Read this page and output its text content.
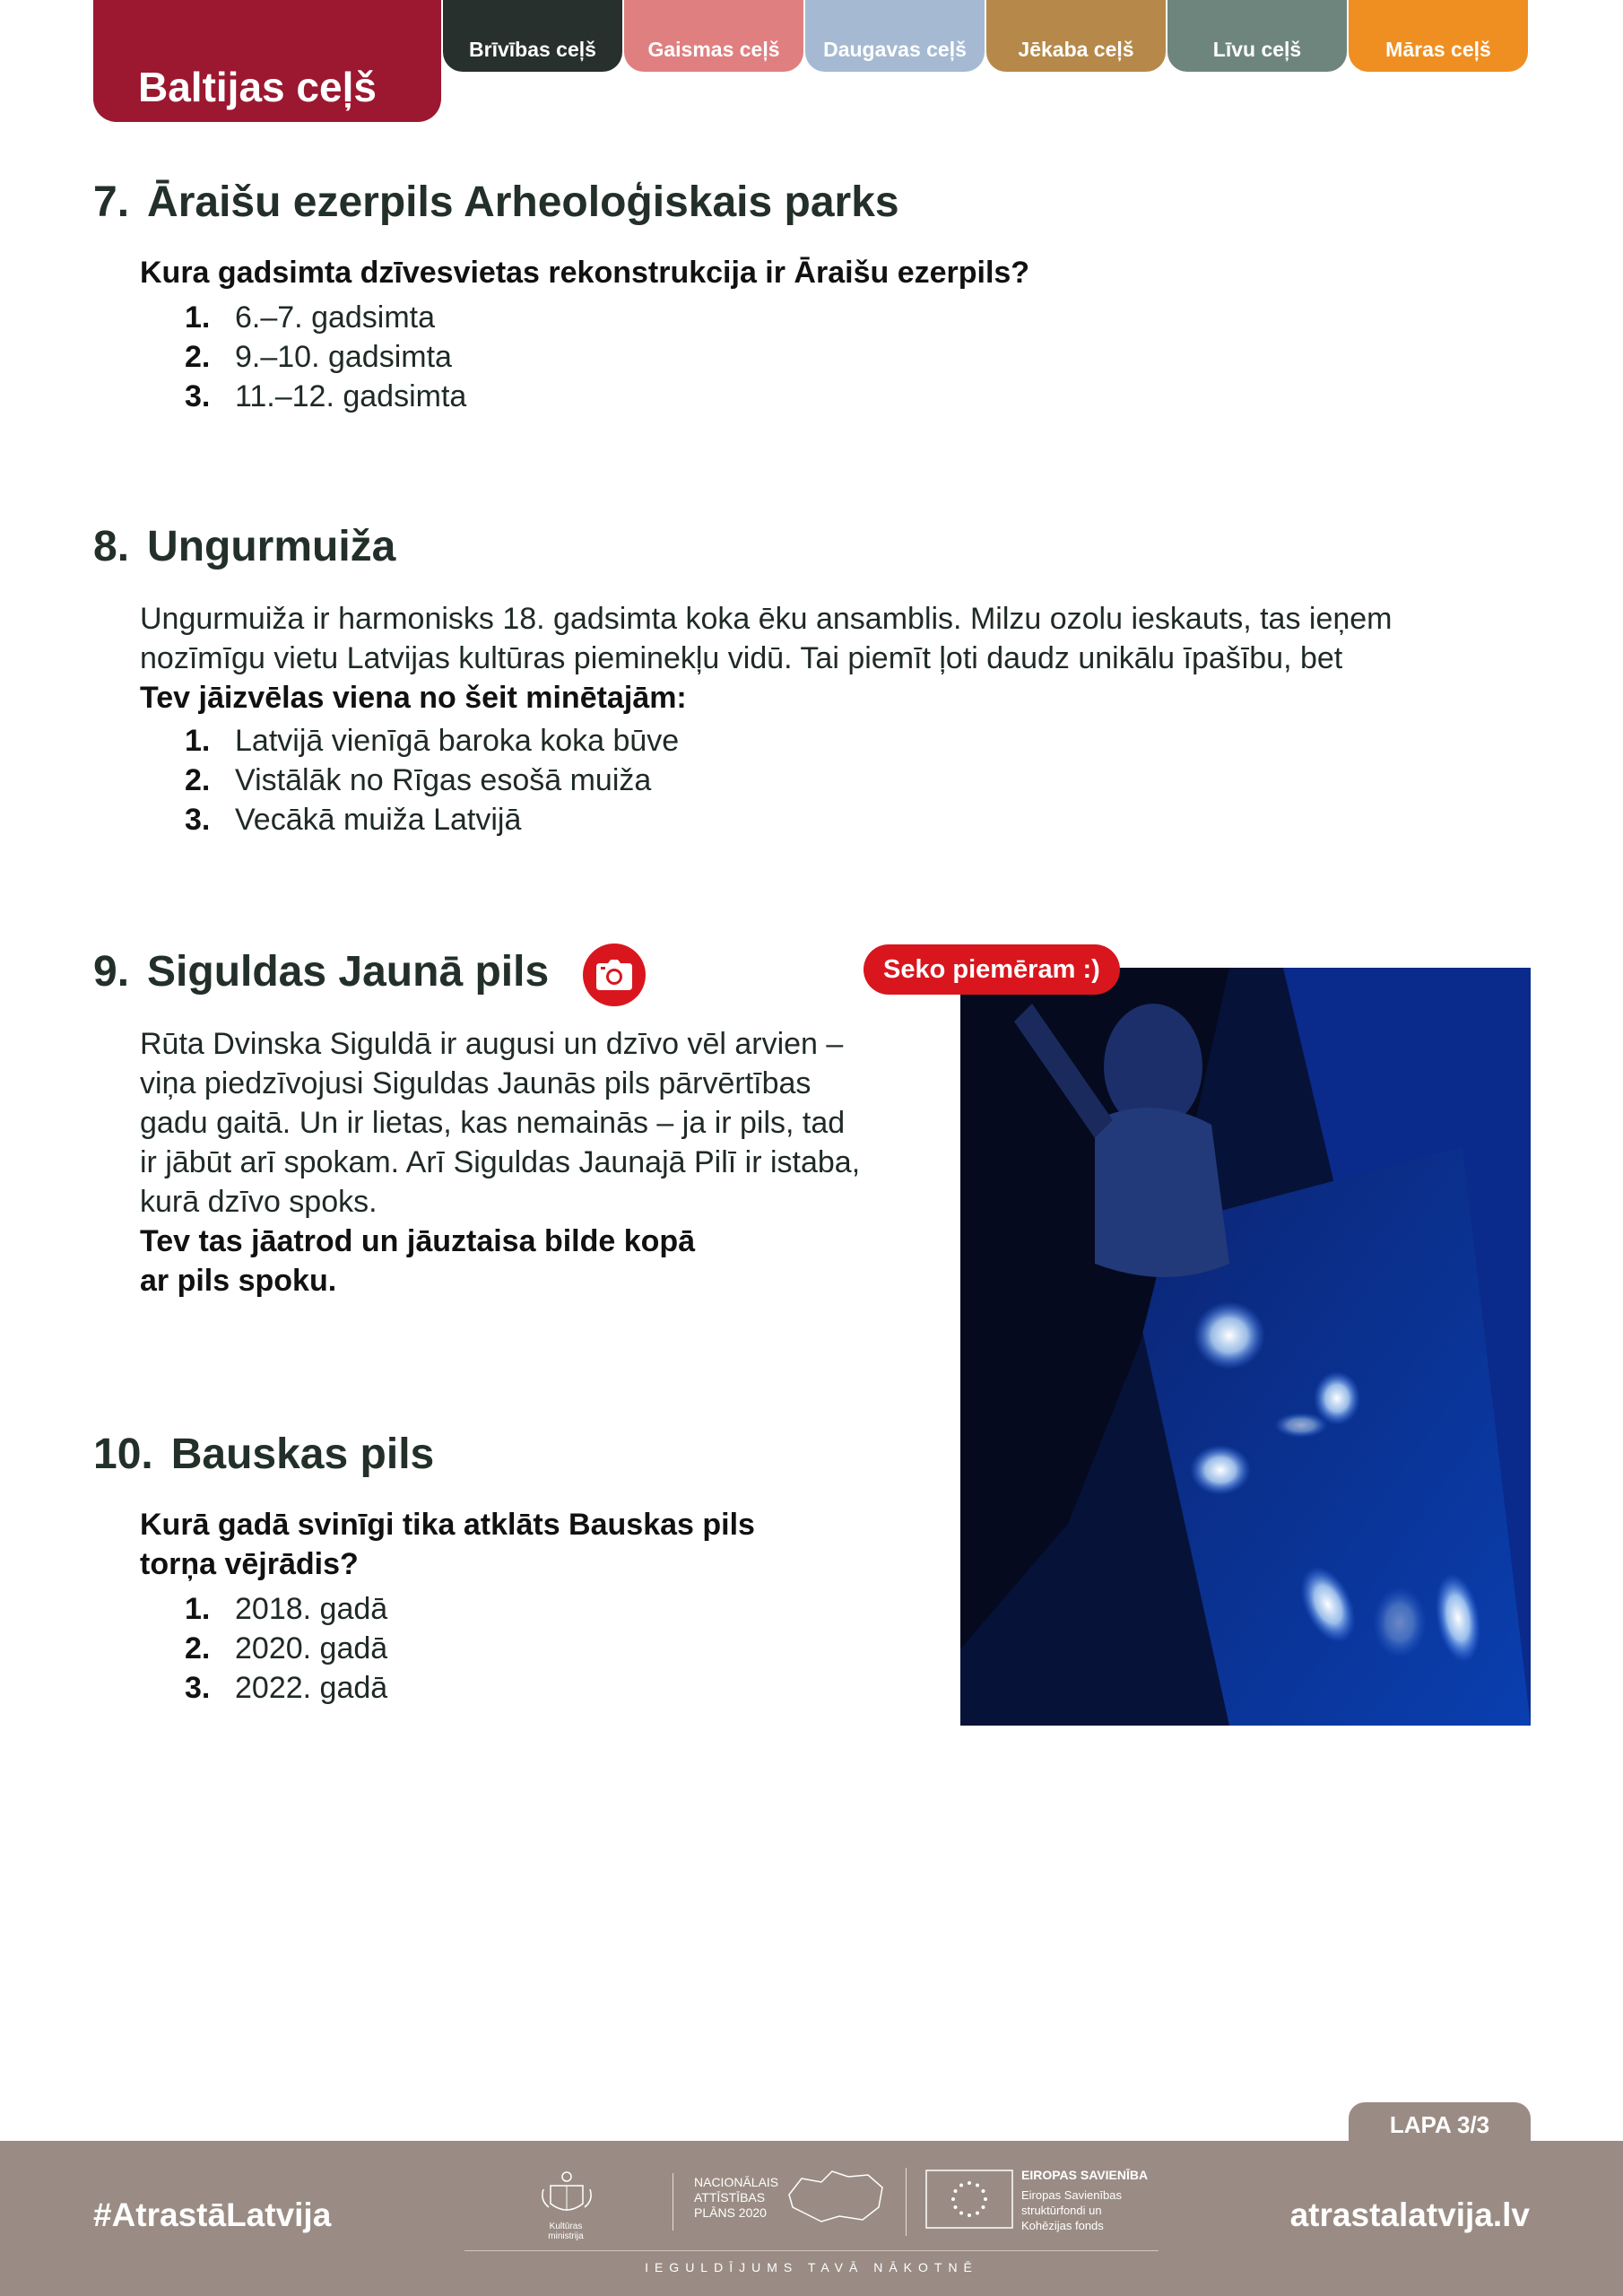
Baltijas ceļš
Brīvības ceļš	Gaismas ceļš	Daugavas ceļš	Jēkaba ceļš	Līvu ceļš	Māras ceļš
7. Āraišu ezerpils Arheoloģiskais parks
Kura gadsimta dzīvesvietas rekonstrukcija ir Āraišu ezerpils?
1. 6.–7. gadsimta
2. 9.–10. gadsimta
3. 11.–12. gadsimta
8. Ungurmuiža
Ungurmuiža ir harmonisks 18. gadsimta koka ēku ansamblis. Milzu ozolu ieskauts, tas ieņem
nozīmīgu vietu Latvijas kultūras pieminekļu vidū. Tai piemīt ļoti daudz unikālu īpašību, bet
Tev jāizvēlas viena no šeit minētajām:
1. Latvijā vienīgā baroka koka būve
2. Vistālāk no Rīgas esošā muiža
3. Vecākā muiža Latvijā
9. Siguldas Jaunā pils
Rūta Dvinska Siguldā ir augusi un dzīvo vēl arvien –
viņa piedzīvojusi Siguldas Jaunās pils pārvērtības
gadu gaitā. Un ir lietas, kas nemainās – ja ir pils, tad
ir jābūt arī spokam. Arī Siguldas Jaunajā Pilī ir istaba,
kurā dzīvo spoks.
Tev tas jāatrod un jāuztaisa bilde kopā
ar pils spoku.
Seko piemēram :)
10. Bauskas pils
Kurā gadā svinīgi tika atklāts Bauskas pils
torņa vējrādis?
1. 2018. gadā
2. 2020. gadā
3. 2022. gadā
LAPA 3/3
#AtrastāLatvija	Kultūras ministrija
NACIONĀLAIS
ATTĪSTĪBAS
PLĀNS 2020
EIROPAS SAVIENĪBA
Eiropas Savienības
struktūrfondi un
Kohēzijas fonds
IEGULDĪJUMS TAVĀ NĀKOTNĒ
atrastalatvija.lv
